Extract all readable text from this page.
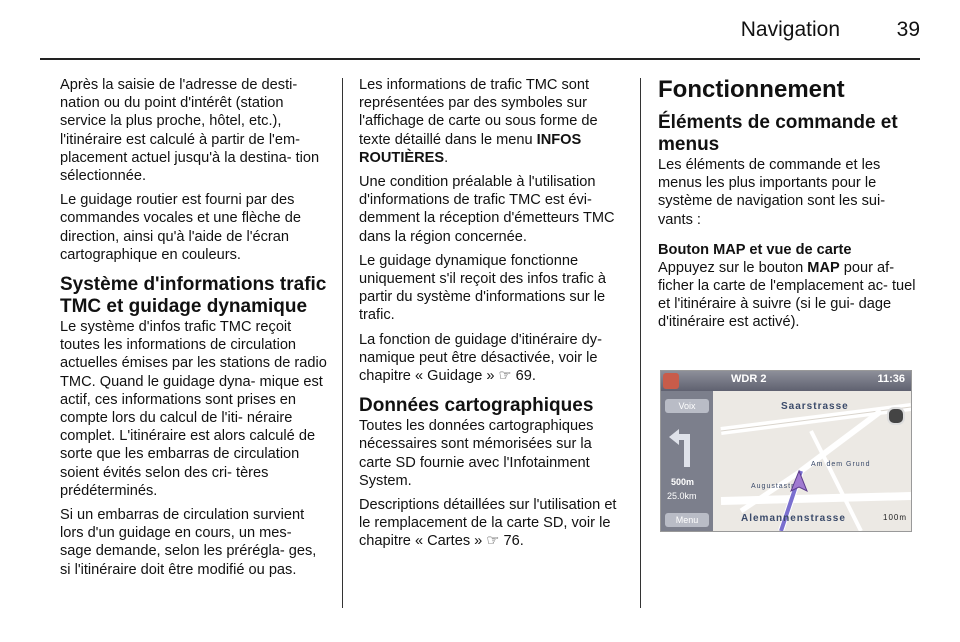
Navigation	39

Après la saisie de l'adresse de desti- nation ou du point d'intérêt (station service la plus proche, hôtel, etc.), l'itinéraire est calculé à partir de l'em- placement actuel jusqu'à la destina- tion sélectionnée.

Le guidage routier est fourni par des commandes vocales et une flèche de direction, ainsi qu'à l'aide de l'écran cartographique en couleurs.

Système d'informations trafic TMC et guidage dynamique

Le système d'infos trafic TMC reçoit toutes les informations de circulation actuelles émises par les stations de radio TMC. Quand le guidage dyna- mique est actif, ces informations sont prises en compte lors du calcul de l'iti- néraire complet. L'itinéraire est alors calculé de sorte que les embarras de circulation soient évités selon des cri- tères prédéterminés.

Si un embarras de circulation survient lors d'un guidage en cours, un mes- sage demande, selon les prérégla- ges, si l'itinéraire doit être modifié ou pas.

Les informations de trafic TMC sont représentées par des symboles sur l'affichage de carte ou sous forme de texte détaillé dans le menu INFOS ROUTIÈRES.

Une condition préalable à l'utilisation d'informations de trafic TMC est évi- demment la réception d'émetteurs TMC dans la région concernée.

Le guidage dynamique fonctionne uniquement s'il reçoit des infos trafic à partir du système d'informations sur le trafic.

La fonction de guidage d'itinéraire dy- namique peut être désactivée, voir le chapitre « Guidage » ☞ 69.

Données cartographiques

Toutes les données cartographiques nécessaires sont mémorisées sur la carte SD fournie avec l'Infotainment System.

Descriptions détaillées sur l'utilisation et le remplacement de la carte SD, voir le chapitre « Cartes » ☞ 76.

Fonctionnement
Éléments de commande et menus

Les éléments de commande et les menus les plus importants pour le système de navigation sont les sui- vants :

Bouton MAP et vue de carte

Appuyez sur le bouton MAP pour af- ficher la carte de l'emplacement ac- tuel et l'itinéraire à suivre (si le gui- dage d'itinéraire est activé).

WDR 2	11:36
Voix
500m
25.0km
Menu
Saarstrasse
Am dem Grund
Augustastr
Alemannenstrasse	100m
